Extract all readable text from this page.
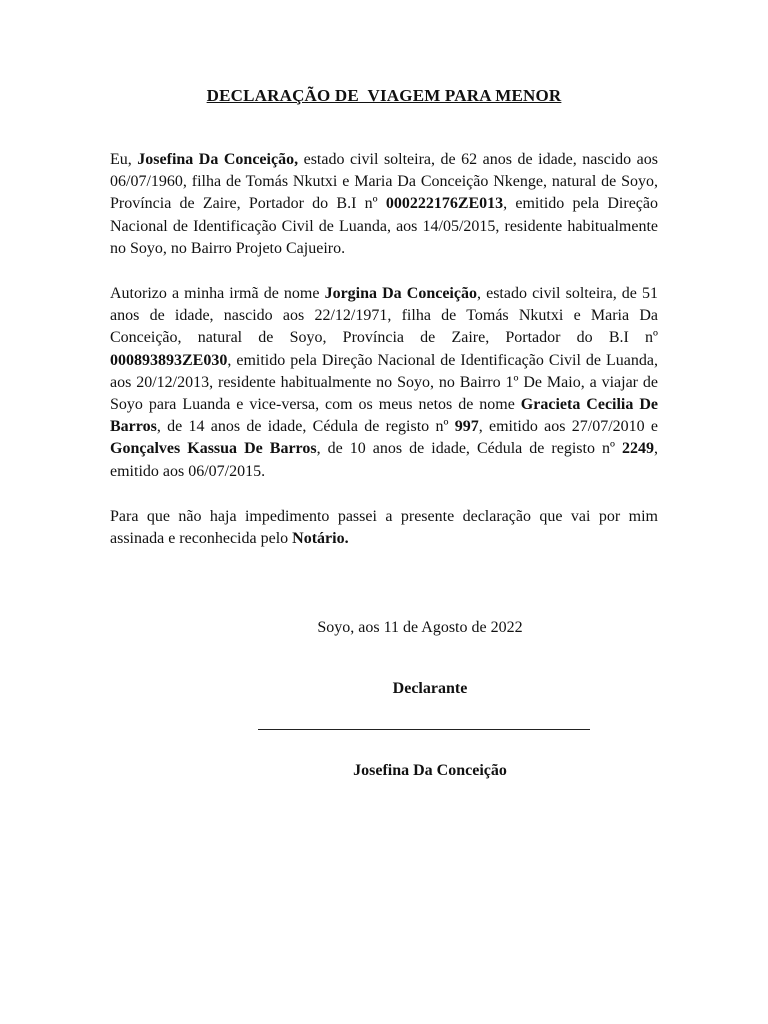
DECLARAÇÃO DE  VIAGEM PARA MENOR

Eu, Josefina Da Conceição, estado civil solteira, de 62 anos de idade, nascido aos 06/07/1960, filha de Tomás Nkutxi e Maria Da Conceição Nkenge, natural de Soyo, Província de Zaire, Portador do B.I nº 000222176ZE013, emitido pela Direção Nacional de Identificação Civil de Luanda, aos 14/05/2015, residente habitualmente no Soyo, no Bairro Projeto Cajueiro.

Autorizo a minha irmã de nome Jorgina Da Conceição, estado civil solteira, de 51 anos de idade, nascido aos 22/12/1971, filha de Tomás Nkutxi e Maria Da Conceição, natural de Soyo, Província de Zaire, Portador do B.I nº 000893893ZE030, emitido pela Direção Nacional de Identificação Civil de Luanda, aos 20/12/2013, residente habitualmente no Soyo, no Bairro 1º De Maio, a viajar de Soyo para Luanda e vice-versa, com os meus netos de nome Gracieta Cecilia De Barros, de 14 anos de idade, Cédula de registo nº 997, emitido aos 27/07/2010 e Gonçalves Kassua De Barros, de 10 anos de idade, Cédula de registo nº 2249, emitido aos 06/07/2015.

Para que não haja impedimento passei a presente declaração que vai por mim assinada e reconhecida pelo Notário.

Soyo, aos 11 de Agosto de 2022
Declarante
Josefina Da Conceição
